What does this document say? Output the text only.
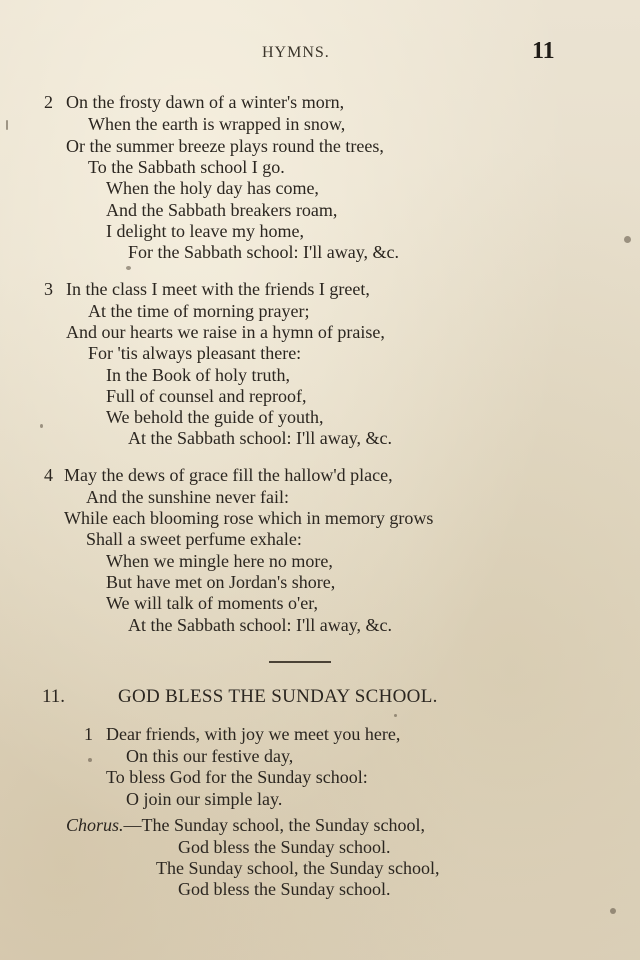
HYMNS.	11
2 On the frosty dawn of a winter's morn,
When the earth is wrapped in snow,
Or the summer breeze plays round the trees,
To the Sabbath school I go.
When the holy day has come,
And the Sabbath breakers roam,
I delight to leave my home,
For the Sabbath school: I'll away, &c.
3 In the class I meet with the friends I greet,
At the time of morning prayer;
And our hearts we raise in a hymn of praise,
For 'tis always pleasant there:
In the Book of holy truth,
Full of counsel and reproof,
We behold the guide of youth,
At the Sabbath school: I'll away, &c.
4 May the dews of grace fill the hallow'd place,
And the sunshine never fail:
While each blooming rose which in memory grows
Shall a sweet perfume exhale:
When we mingle here no more,
But have met on Jordan's shore,
We will talk of moments o'er,
At the Sabbath school: I'll away, &c.
11.	GOD BLESS THE SUNDAY SCHOOL.
1 Dear friends, with joy we meet you here,
On this our festive day,
To bless God for the Sunday school:
O join our simple lay.
Chorus.—The Sunday school, the Sunday school,
God bless the Sunday school.
The Sunday school, the Sunday school,
God bless the Sunday school.
